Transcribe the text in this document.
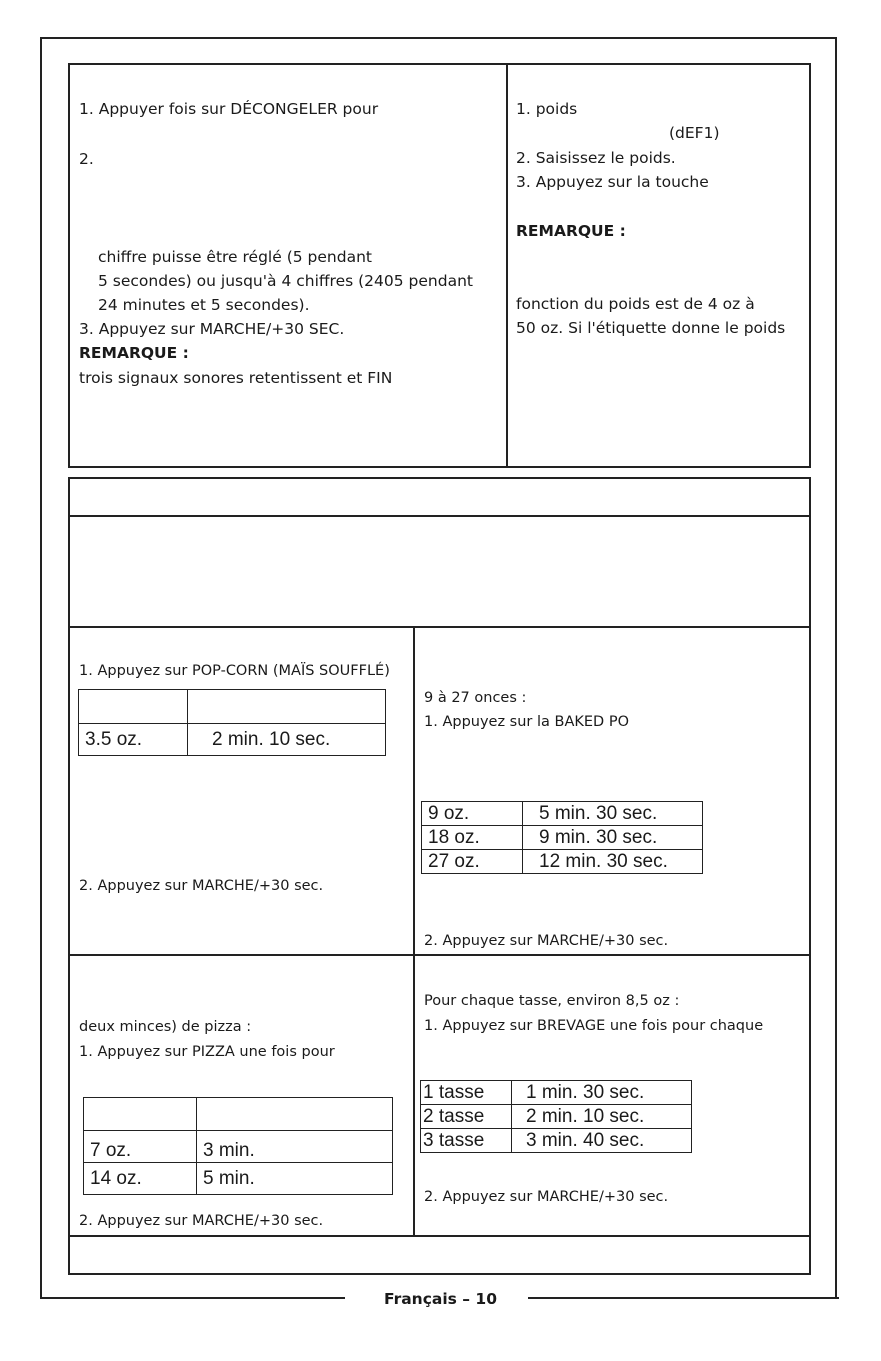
Français – 10
1. Appuyer fois sur DÉCONGELER pour
2.
chiffre puisse être réglé (5 pendant
5 secondes) ou jusqu'à 4 chiffres (2405 pendant
24 minutes et 5 secondes).
3. Appuyez sur MARCHE/+30 SEC.
REMARQUE :
trois signaux sonores retentissent et FIN
1. poids
(dEF1)
2. Saisissez le poids.
3. Appuyez sur la touche
REMARQUE :
fonction du poids est de 4 oz à
50 oz. Si l'étiquette donne le poids
1. Appuyez sur POP-CORN (MAÏS SOUFFLÉ)

3.5 oz.	2 min. 10 sec.
2. Appuyez sur MARCHE/+30 sec.
9 à 27 onces :
1. Appuyez sur la BAKED PO
9 oz.	5 min. 30 sec.
18 oz.	9 min. 30 sec.
27 oz.	12 min. 30 sec.
2. Appuyez sur MARCHE/+30 sec.
deux minces) de pizza :
1. Appuyez sur PIZZA une fois pour

7 oz.	3 min.
14 oz.	5 min.
2. Appuyez sur MARCHE/+30 sec.
Pour chaque tasse, environ 8,5 oz :
1 tasse	1 min. 30 sec.
2 tasse	2 min. 10 sec.
3 tasse	3 min. 40 sec.
1. Appuyez sur BREVAGE une fois pour chaque
2. Appuyez sur MARCHE/+30 sec.
